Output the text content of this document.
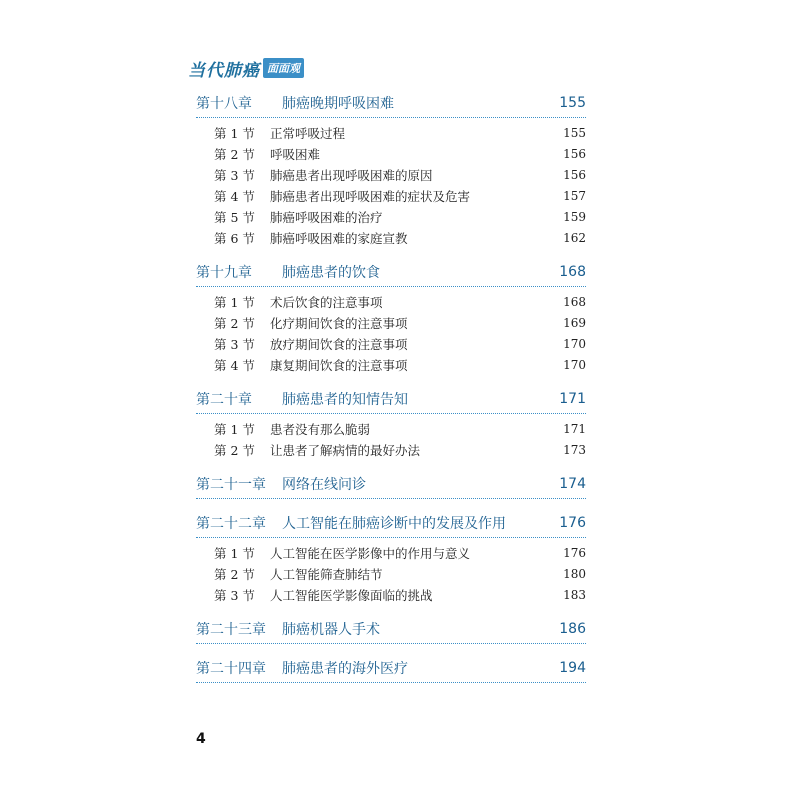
当代肺癌 面面观
第十八章 肺癌晚期呼吸困难	155
第 1 节 正常呼吸过程	155
第 2 节 呼吸困难	156
第 3 节 肺癌患者出现呼吸困难的原因	156
第 4 节 肺癌患者出现呼吸困难的症状及危害	157
第 5 节 肺癌呼吸困难的治疗	159
第 6 节 肺癌呼吸困难的家庭宣教	162
第十九章 肺癌患者的饮食	168
第 1 节 术后饮食的注意事项	168
第 2 节 化疗期间饮食的注意事项	169
第 3 节 放疗期间饮食的注意事项	170
第 4 节 康复期间饮食的注意事项	170
第二十章 肺癌患者的知情告知	171
第 1 节 患者没有那么脆弱	171
第 2 节 让患者了解病情的最好办法	173
第二十一章 网络在线问诊	174
第二十二章 人工智能在肺癌诊断中的发展及作用	176
第 1 节 人工智能在医学影像中的作用与意义	176
第 2 节 人工智能筛查肺结节	180
第 3 节 人工智能医学影像面临的挑战	183
第二十三章 肺癌机器人手术	186
第二十四章 肺癌患者的海外医疗	194
4
